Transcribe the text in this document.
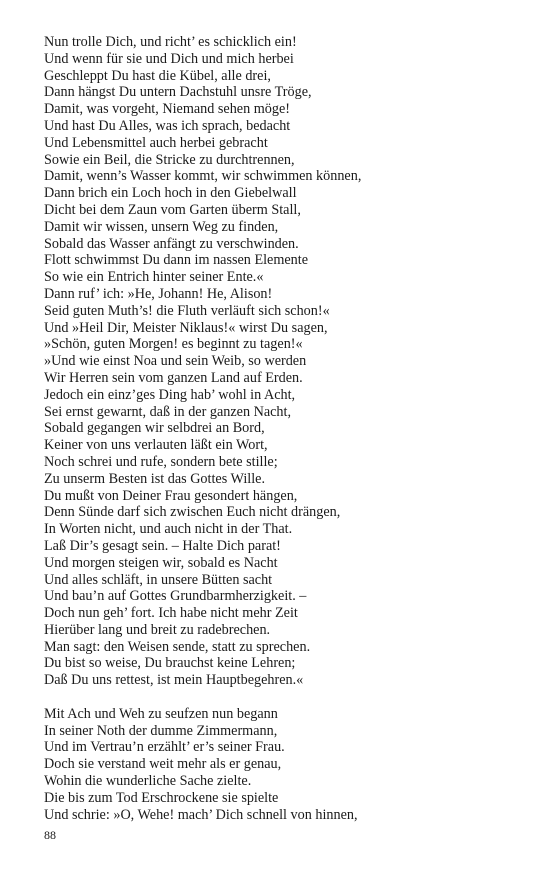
Nun trolle Dich, und richt’ es schicklich ein!
Und wenn für sie und Dich und mich herbei
Geschleppt Du hast die Kübel, alle drei,
Dann hängst Du untern Dachstuhl unsre Tröge,
Damit, was vorgeht, Niemand sehen möge!
Und hast Du Alles, was ich sprach, bedacht
Und Lebensmittel auch herbei gebracht
Sowie ein Beil, die Stricke zu durchtrennen,
Damit, wenn’s Wasser kommt, wir schwimmen können,
Dann brich ein Loch hoch in den Giebelwall
Dicht bei dem Zaun vom Garten überm Stall,
Damit wir wissen, unsern Weg zu finden,
Sobald das Wasser anfängt zu verschwinden.
Flott schwimmst Du dann im nassen Elemente
So wie ein Entrich hinter seiner Ente.«
Dann ruf’ ich: »He, Johann! He, Alison!
Seid guten Muth’s! die Fluth verläuft sich schon!«
Und »Heil Dir, Meister Niklaus!« wirst Du sagen,
»Schön, guten Morgen! es beginnt zu tagen!«
»Und wie einst Noa und sein Weib, so werden
Wir Herren sein vom ganzen Land auf Erden.
Jedoch ein einz’ges Ding hab’ wohl in Acht,
Sei ernst gewarnt, daß in der ganzen Nacht,
Sobald gegangen wir selbdrei an Bord,
Keiner von uns verlauten läßt ein Wort,
Noch schrei und rufe, sondern bete stille;
Zu unserm Besten ist das Gottes Wille.
Du mußt von Deiner Frau gesondert hängen,
Denn Sünde darf sich zwischen Euch nicht drängen,
In Worten nicht, und auch nicht in der That.
Laß Dir’s gesagt sein. – Halte Dich parat!
Und morgen steigen wir, sobald es Nacht
Und alles schläft, in unsere Bütten sacht
Und bau’n auf Gottes Grundbarmherzigkeit. –
Doch nun geh’ fort. Ich habe nicht mehr Zeit
Hierüber lang und breit zu radebrechen.
Man sagt: den Weisen sende, statt zu sprechen.
Du bist so weise, Du brauchst keine Lehren;
Daß Du uns rettest, ist mein Hauptbegehren.«
Mit Ach und Weh zu seufzen nun begann
In seiner Noth der dumme Zimmermann,
Und im Vertrau’n erzählt’ er’s seiner Frau.
Doch sie verstand weit mehr als er genau,
Wohin die wunderliche Sache zielte.
Die bis zum Tod Erschrockene sie spielte
Und schrie: »O, Wehe! mach’ Dich schnell von hinnen,
88
